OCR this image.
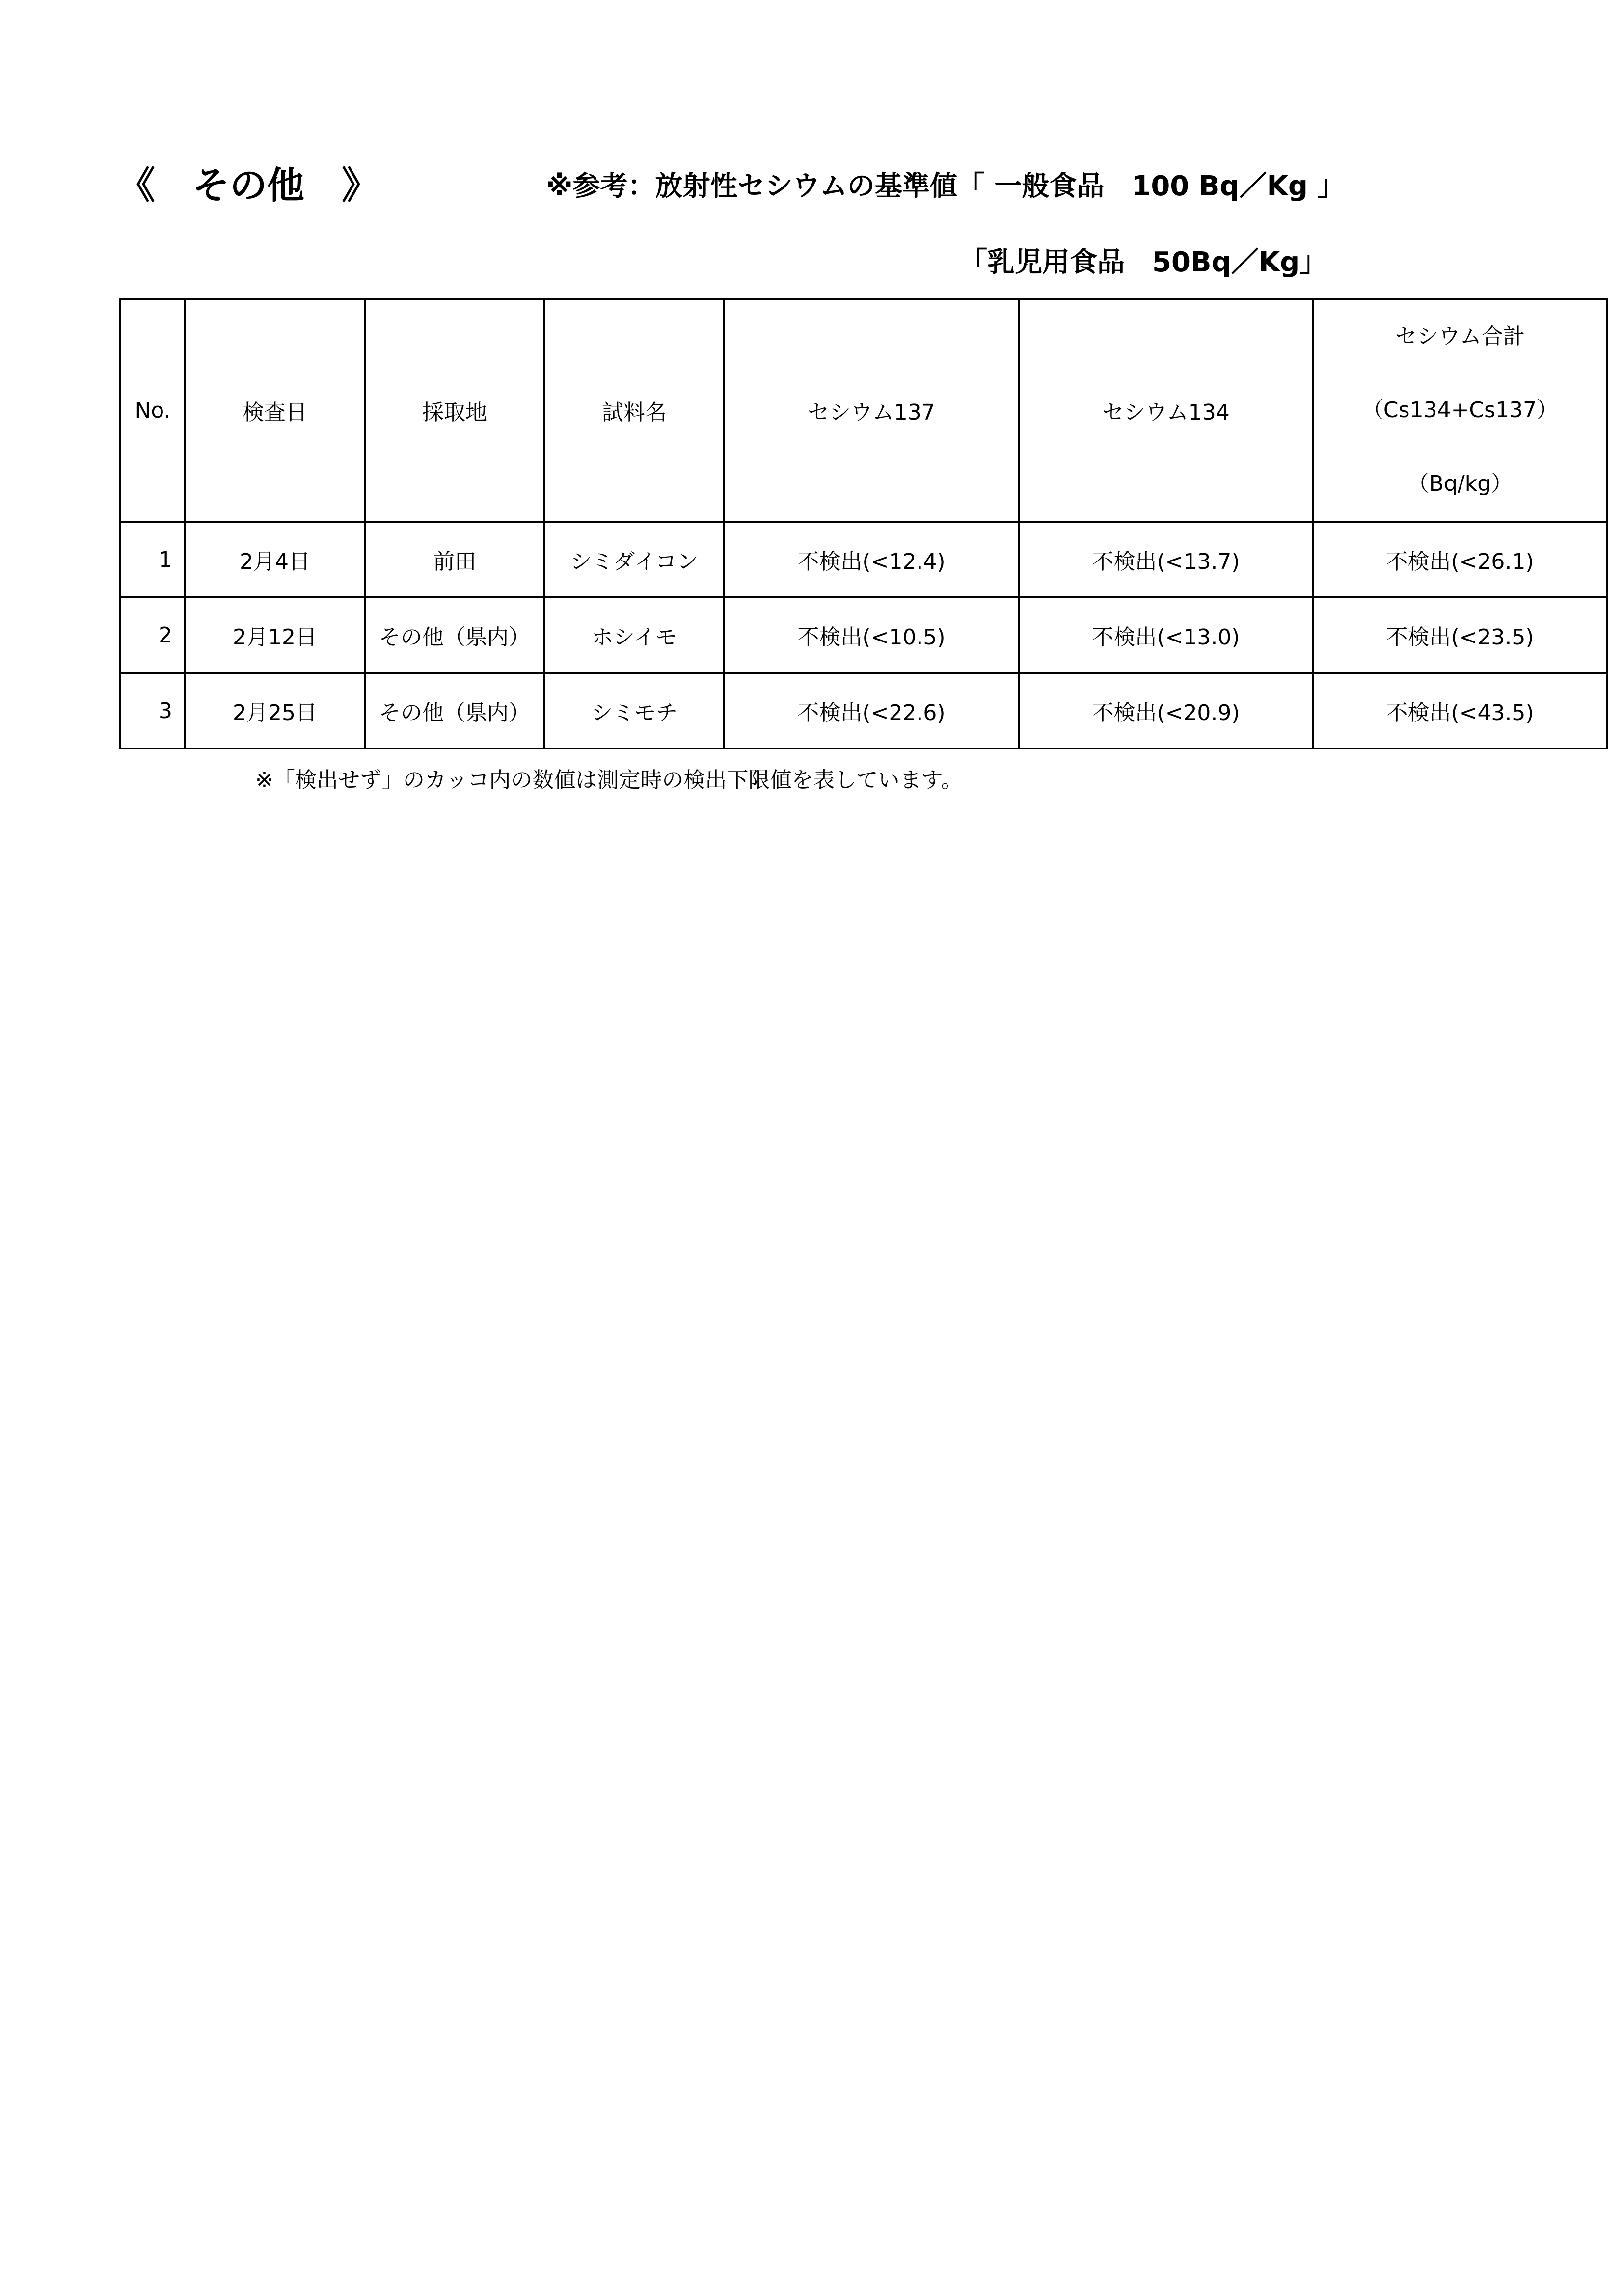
《　その他　》	※参考：放射性セシウムの基準値「 一般食品　100 Bq／Kg 」
「乳児用食品　50Bq／Kg」
No.	検査日	採取地	試料名	セシウム137	セシウム134	セシウム合計
（Cs134+Cs137）
（Bq/kg）

1	2月4日	前田	シミダイコン	不検出(<12.4)	不検出(<13.7)	不検出(<26.1)
2	2月12日	その他（県内）	ホシイモ	不検出(<10.5)	不検出(<13.0)	不検出(<23.5)
3	2月25日	その他（県内）	シミモチ	不検出(<22.6)	不検出(<20.9)	不検出(<43.5)
※「検出せず」のカッコ内の数値は測定時の検出下限値を表しています。
